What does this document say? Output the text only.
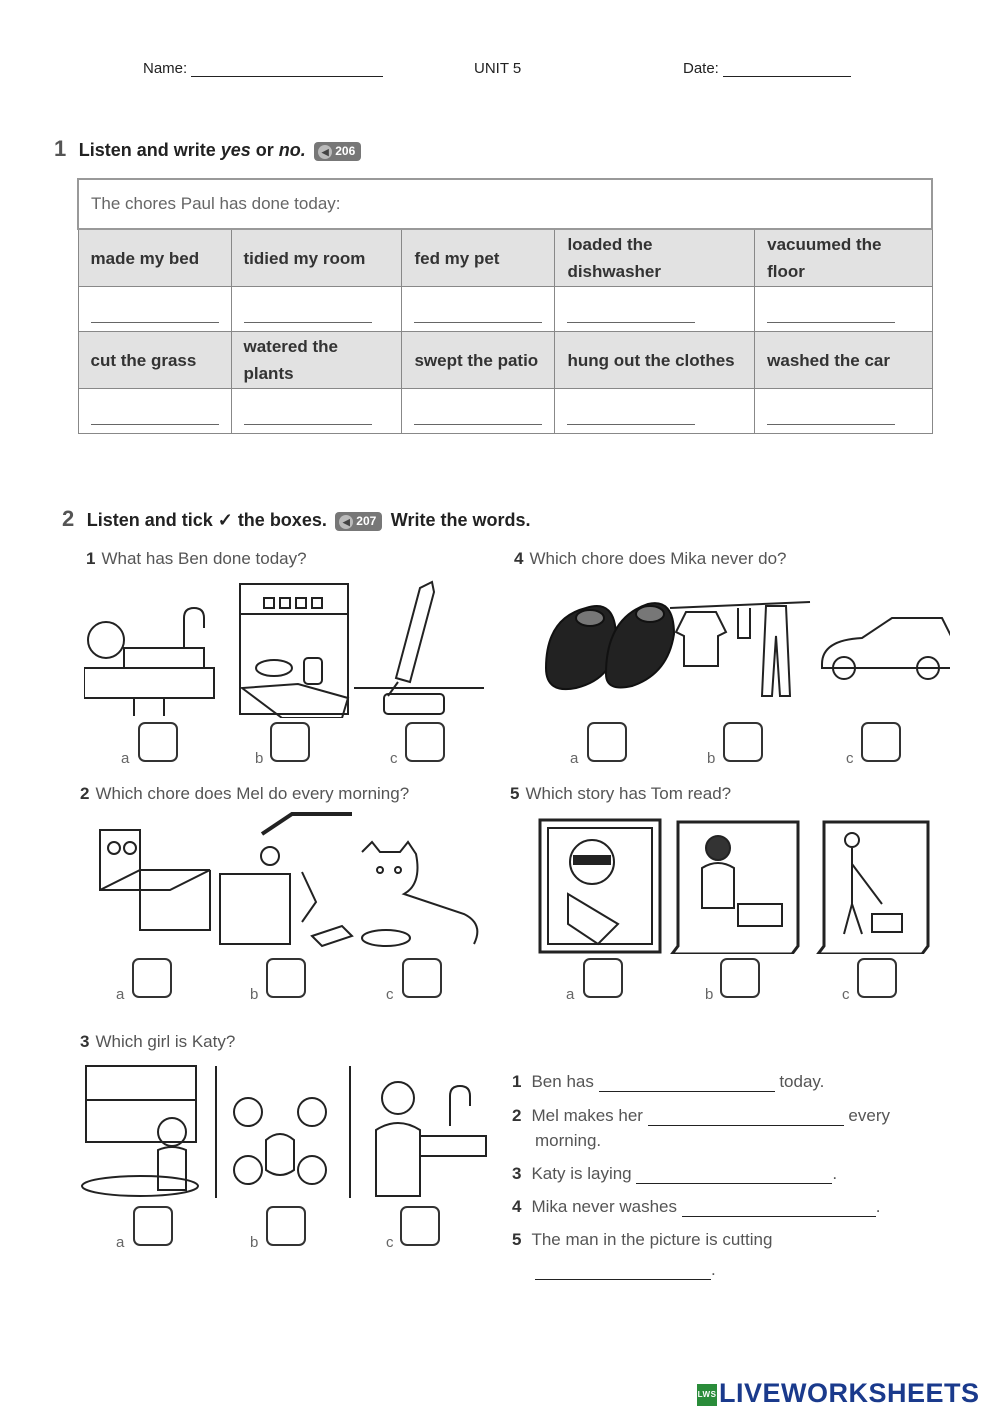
Name:	UNIT 5	Date:
1 Listen and write yes or no. ◀ 206
The chores Paul has done today:				
made my bed	tidied my room	fed my pet	loaded the dishwasher	vacuumed the floor

cut the grass	watered the plants	swept the patio	hung out the clothes	washed the car

2 Listen and tick ✓ the boxes. ◀ 207 Write the words.
1 What has Ben done today?
2 Which chore does Mel do every morning?
3 Which girl is Katy?
4 Which chore does Mika never do?
5 Which story has Tom read?
a	b	c	a	b	c
a	b	c	a	b	c
a	b	c
1 Ben has	today.
2 Mel makes her	every
morning.
3 Katy is laying	.
4 Mika never washes	.
5 The man in the picture is cutting
.
LWSLIVEWORKSHEETS
